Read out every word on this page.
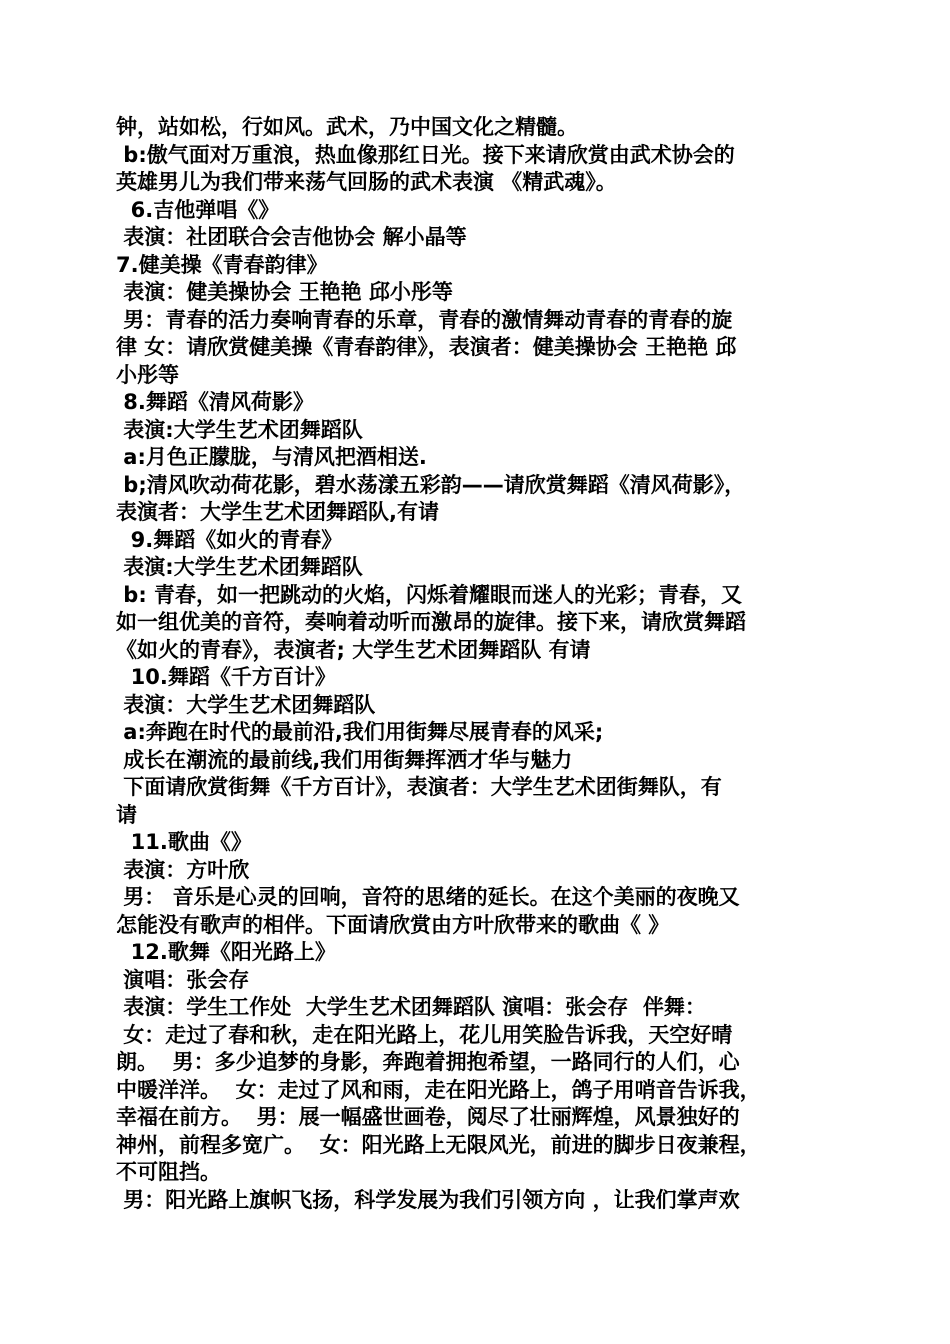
钟，站如松，行如风。武术，乃中国文化之精髓。
b:傲气面对万重浪，热血像那红日光。接下来请欣赏由武术协会的
英雄男儿为我们带来荡气回肠的武术表演 《精武魂》。
6.吉他弹唱《》
表演：社团联合会吉他协会 解小晶等
7.健美操《青春韵律》
表演：健美操协会 王艳艳 邱小彤等
男：青春的活力奏响青春的乐章，青春的激情舞动青春的青春的旋
律 女：请欣赏健美操《青春韵律》，表演者：健美操协会 王艳艳 邱
小彤等
8.舞蹈《清风荷影》
表演:大学生艺术团舞蹈队
a:月色正朦胧，与清风把酒相送.
b;清风吹动荷花影，碧水荡漾五彩韵——请欣赏舞蹈《清风荷影》，
表演者：大学生艺术团舞蹈队,有请
9.舞蹈《如火的青春》
表演:大学生艺术团舞蹈队
b: 青春，如一把跳动的火焰，闪烁着耀眼而迷人的光彩；青春，又
如一组优美的音符，奏响着动听而激昂的旋律。接下来，请欣赏舞蹈
《如火的青春》，表演者; 大学生艺术团舞蹈队 有请
10.舞蹈《千方百计》
表演：大学生艺术团舞蹈队
a:奔跑在时代的最前沿,我们用街舞尽展青春的风采;
成长在潮流的最前线,我们用街舞挥洒才华与魅力
下面请欣赏街舞《千方百计》，表演者：大学生艺术团街舞队，有
请
11.歌曲《》
表演：方叶欣
男： 音乐是心灵的回响，音符的思绪的延长。在这个美丽的夜晚又
怎能没有歌声的相伴。下面请欣赏由方叶欣带来的歌曲《 》
12.歌舞《阳光路上》
演唱：张会存
表演：学生工作处  大学生艺术团舞蹈队 演唱：张会存  伴舞：
女：走过了春和秋，走在阳光路上，花儿用笑脸告诉我，天空好晴
朗。  男：多少追梦的身影，奔跑着拥抱希望，一路同行的人们，心
中暖洋洋。  女：走过了风和雨，走在阳光路上，鸽子用哨音告诉我，
幸福在前方。  男：展一幅盛世画卷，阅尽了壮丽辉煌，风景独好的
神州，前程多宽广。  女：阳光路上无限风光，前进的脚步日夜兼程，
不可阻挡。
男：阳光路上旗帜飞扬，科学发展为我们引领方向 ，让我们掌声欢
